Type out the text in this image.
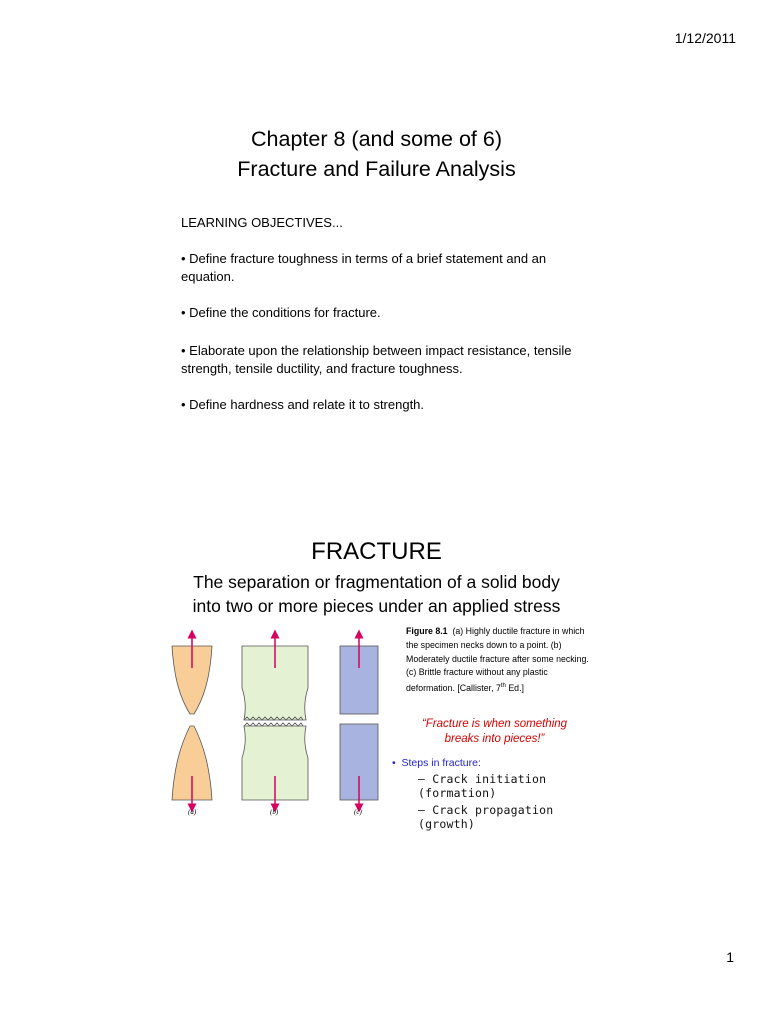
1/12/2011
Chapter 8 (and some of 6)
Fracture and Failure Analysis
LEARNING OBJECTIVES...
• Define fracture toughness in terms of a brief statement and an equation.
• Define the conditions for fracture.
• Elaborate upon the relationship between impact resistance, tensile strength, tensile ductility, and fracture toughness.
• Define hardness and relate it to strength.
FRACTURE
The separation or fragmentation of a solid body
into two or more pieces under an applied stress
(a)	(b)	(c)
Figure 8.1 (a) Highly ductile fracture in which the specimen necks down to a point. (b) Moderately ductile fracture after some necking. (c) Brittle fracture without any plastic deformation. [Callister, 7th Ed.]
“Fracture is when something
breaks into pieces!”
•  Steps in fracture:
– Crack initiation (formation)
– Crack propagation (growth)
1
